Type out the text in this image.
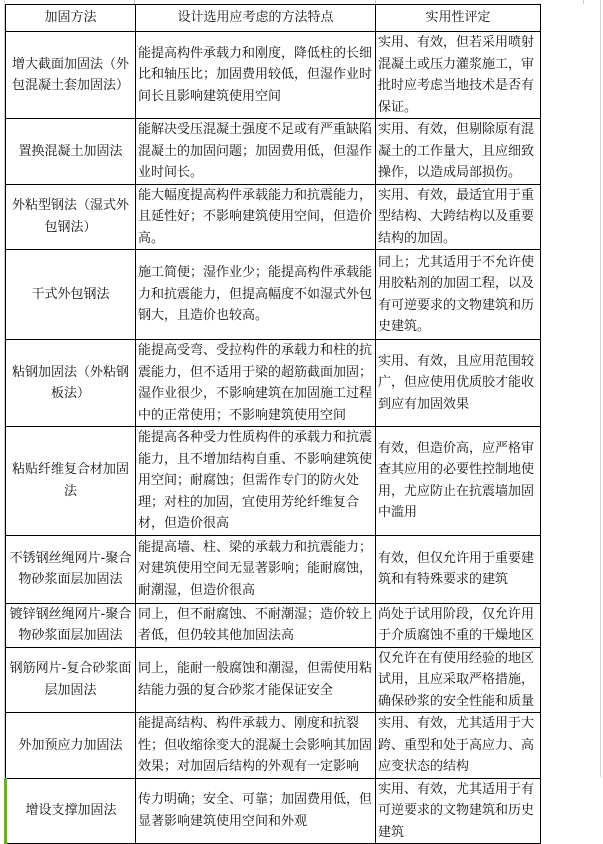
加固方法	设计选用应考虑的方法特点	实用性评定
增大截面加固法（外包混凝土套加固法）	能提高构件承载力和刚度，降低柱的长细比和轴压比；加固费用较低，但湿作业时间长且影响建筑使用空间	实用、有效，但若采用喷射混凝土或压力灌浆施工，审批时应考虑当地技术是否有保证。
置换混凝土加固法	能解决受压混凝土强度不足或有严重缺陷混凝土的加固问题；加固费用低，但湿作业时间长。	实用、有效，但剔除原有混凝土的工作量大，且应细致操作，以造成局部损伤。
外粘型钢法（湿式外包钢法）	能大幅度提高构件承载能力和抗震能力，且延性好；不影响建筑使用空间，但造价高。	实用、有效，最适宜用于重型结构、大跨结构以及重要结构的加固。
干式外包钢法	施工简便；湿作业少；能提高构件承载能力和抗震能力，但提高幅度不如湿式外包钢大，且造价也较高。	同上；尤其适用于不允许使用胶粘剂的加固工程，以及有可逆要求的文物建筑和历史建筑。
粘钢加固法（外粘钢板法）	能提高受弯、受拉构件的承载力和柱的抗震能力，但不适用于梁的超筋截面加固；湿作业很少，不影响建筑在加固施工过程中的正常使用；不影响建筑使用空间	实用、有效，且应用范围较广，但应使用优质胶才能收到应有加固效果
粘贴纤维复合材加固法	能提高各种受力性质构件的承载力和抗震能力，且不增加结构自重、不影响建筑使用空间；耐腐蚀；但需作专门的防火处理；对柱的加固，宜使用芳纶纤维复合材，但造价很高	有效，但造价高，应严格审查其应用的必要性控制地使用，尤应防止在抗震墙加固中滥用
不锈钢丝绳网片-聚合物砂浆面层加固法	能提高墙、柱、梁的承载力和抗震能力；对建筑使用空间无显著影响；能耐腐蚀，耐潮湿，但造价很高	有效，但仅允许用于重要建筑和有特殊要求的建筑
镀锌钢丝绳网片-聚合物砂浆面层加固法	同上，但不耐腐蚀、不耐潮湿；造价较上者低，但仍较其他加固法高	尚处于试用阶段，仅允许用于介质腐蚀不重的干燥地区
钢筋网片-复合砂浆面层加固法	同上，能耐一般腐蚀和潮湿，但需使用粘结能力强的复合砂浆才能保证安全	仅允许在有使用经验的地区试用，且应采取严格措施，确保砂浆的安全性能和质量
外加预应力加固法	能提高结构、构件承载力、刚度和抗裂性；但收缩徐变大的混凝土会影响其加固效果；对加固后结构的外观有一定影响	实用、有效，尤其适用于大跨、重型和处于高应力、高应变状态的结构
增设支撑加固法	传力明确；安全、可靠；加固费用低，但显著影响建筑使用空间和外观	实用、有效，尤其适用于有可逆要求的文物建筑和历史建筑
